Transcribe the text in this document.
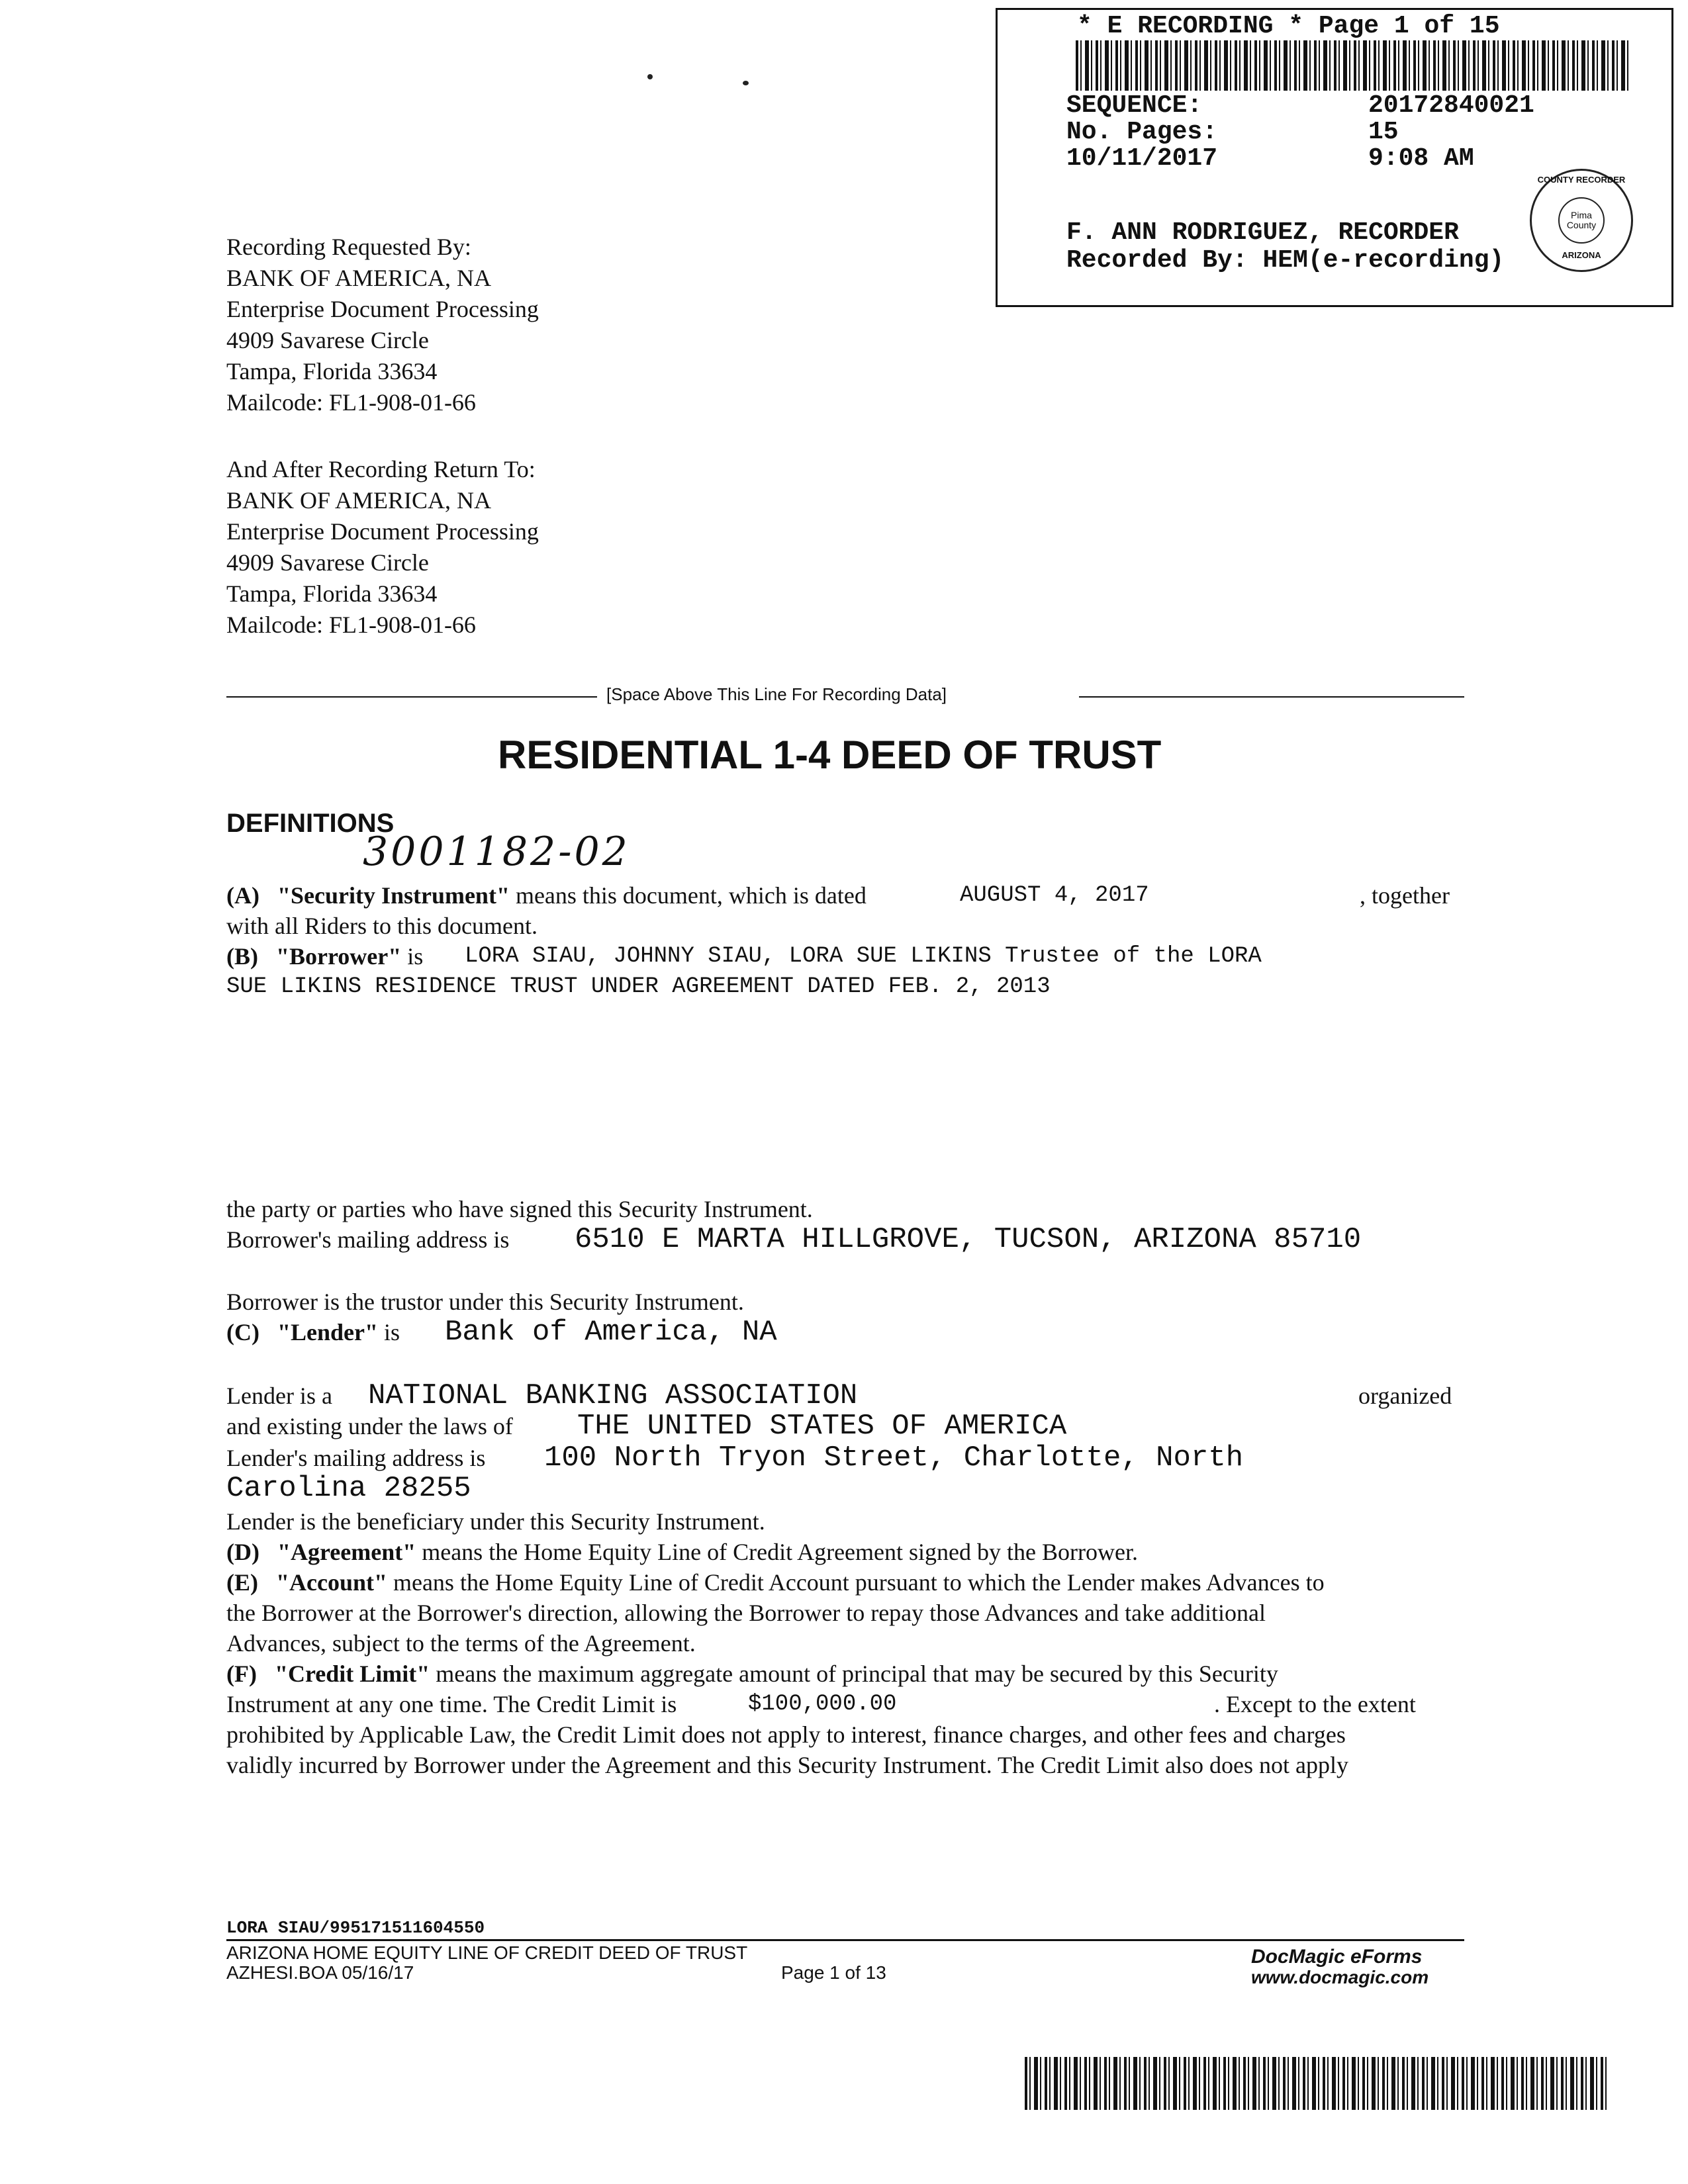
* E RECORDING * Page 1 of 15
SEQUENCE:	20172840021
No. Pages:	15
10/11/2017	9:08 AM
F. ANN RODRIGUEZ, RECORDER
Recorded By: HEM(e-recording)
COUNTY RECORDER
Pima County
ARIZONA
Recording Requested By:
BANK OF AMERICA, NA
Enterprise Document Processing
4909 Savarese Circle
Tampa, Florida 33634
Mailcode: FL1-908-01-66
And After Recording Return To:
BANK OF AMERICA, NA
Enterprise Document Processing
4909 Savarese Circle
Tampa, Florida 33634
Mailcode: FL1-908-01-66
[Space Above This Line For Recording Data]
RESIDENTIAL 1-4 DEED OF TRUST
DEFINITIONS
3001182-02
(A) "Security Instrument" means this document, which is dated	AUGUST 4, 2017	, together
with all Riders to this document.
(B) "Borrower" is LORA SIAU, JOHNNY SIAU, LORA SUE LIKINS Trustee of the LORA
SUE LIKINS RESIDENCE TRUST UNDER AGREEMENT DATED FEB. 2, 2013
the party or parties who have signed this Security Instrument.
Borrower's mailing address is 6510 E MARTA HILLGROVE, TUCSON, ARIZONA 85710
Borrower is the trustor under this Security Instrument.
(C) "Lender" is Bank of America, NA
Lender is a NATIONAL BANKING ASSOCIATION	organized
and existing under the laws of THE UNITED STATES OF AMERICA
Lender's mailing address is 100 North Tryon Street, Charlotte, North
Carolina 28255
Lender is the beneficiary under this Security Instrument.
(D) "Agreement" means the Home Equity Line of Credit Agreement signed by the Borrower.
(E) "Account" means the Home Equity Line of Credit Account pursuant to which the Lender makes Advances to
the Borrower at the Borrower's direction, allowing the Borrower to repay those Advances and take additional
Advances, subject to the terms of the Agreement.
(F) "Credit Limit" means the maximum aggregate amount of principal that may be secured by this Security
Instrument at any one time. The Credit Limit is	$100,000.00	. Except to the extent
prohibited by Applicable Law, the Credit Limit does not apply to interest, finance charges, and other fees and charges
validly incurred by Borrower under the Agreement and this Security Instrument. The Credit Limit also does not apply
LORA SIAU/995171511604550
ARIZONA HOME EQUITY LINE OF CREDIT DEED OF TRUST
AZHESI.BOA 05/16/17	Page 1 of 13
DocMagic eForms
www.docmagic.com
